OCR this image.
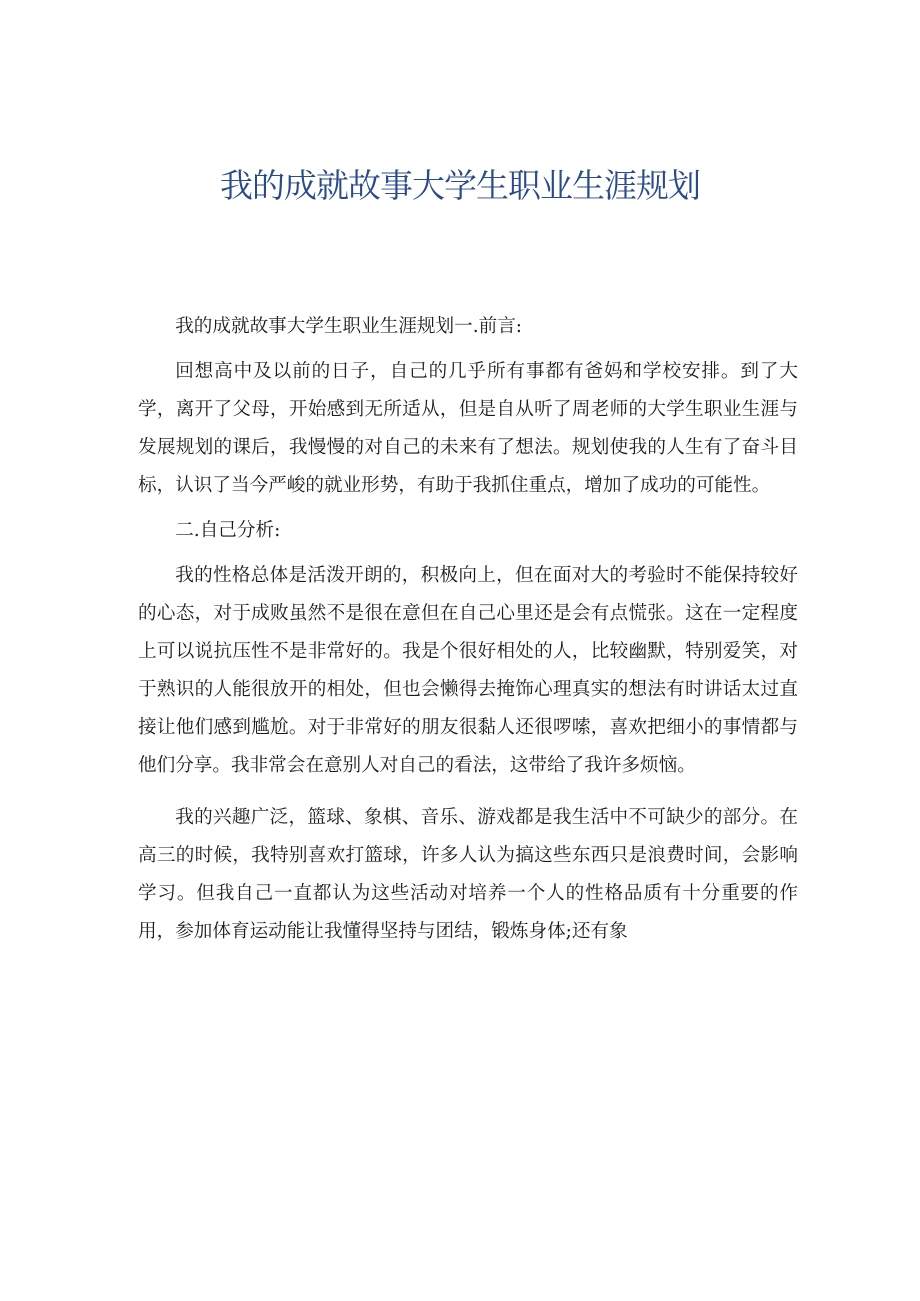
我的成就故事大学生职业生涯规划

我的成就故事大学生职业生涯规划一.前言:

回想高中及以前的日子，自己的几乎所有事都有爸妈和学校安排。到了大学，离开了父母，开始感到无所适从，但是自从听了周老师的大学生职业生涯与发展规划的课后，我慢慢的对自己的未来有了想法。规划使我的人生有了奋斗目标，认识了当今严峻的就业形势，有助于我抓住重点，增加了成功的可能性。

二.自己分析:

我的性格总体是活泼开朗的，积极向上，但在面对大的考验时不能保持较好的心态，对于成败虽然不是很在意但在自己心里还是会有点慌张。这在一定程度上可以说抗压性不是非常好的。我是个很好相处的人，比较幽默，特别爱笑，对于熟识的人能很放开的相处，但也会懒得去掩饰心理真实的想法有时讲话太过直接让他们感到尴尬。对于非常好的朋友很黏人还很啰嗦，喜欢把细小的事情都与他们分享。我非常会在意别人对自己的看法，这带给了我许多烦恼。

我的兴趣广泛，篮球、象棋、音乐、游戏都是我生活中不可缺少的部分。在高三的时候，我特别喜欢打篮球，许多人认为搞这些东西只是浪费时间，会影响学习。但我自己一直都认为这些活动对培养一个人的性格品质有十分重要的作用，参加体育运动能让我懂得坚持与团结，锻炼身体;还有象
